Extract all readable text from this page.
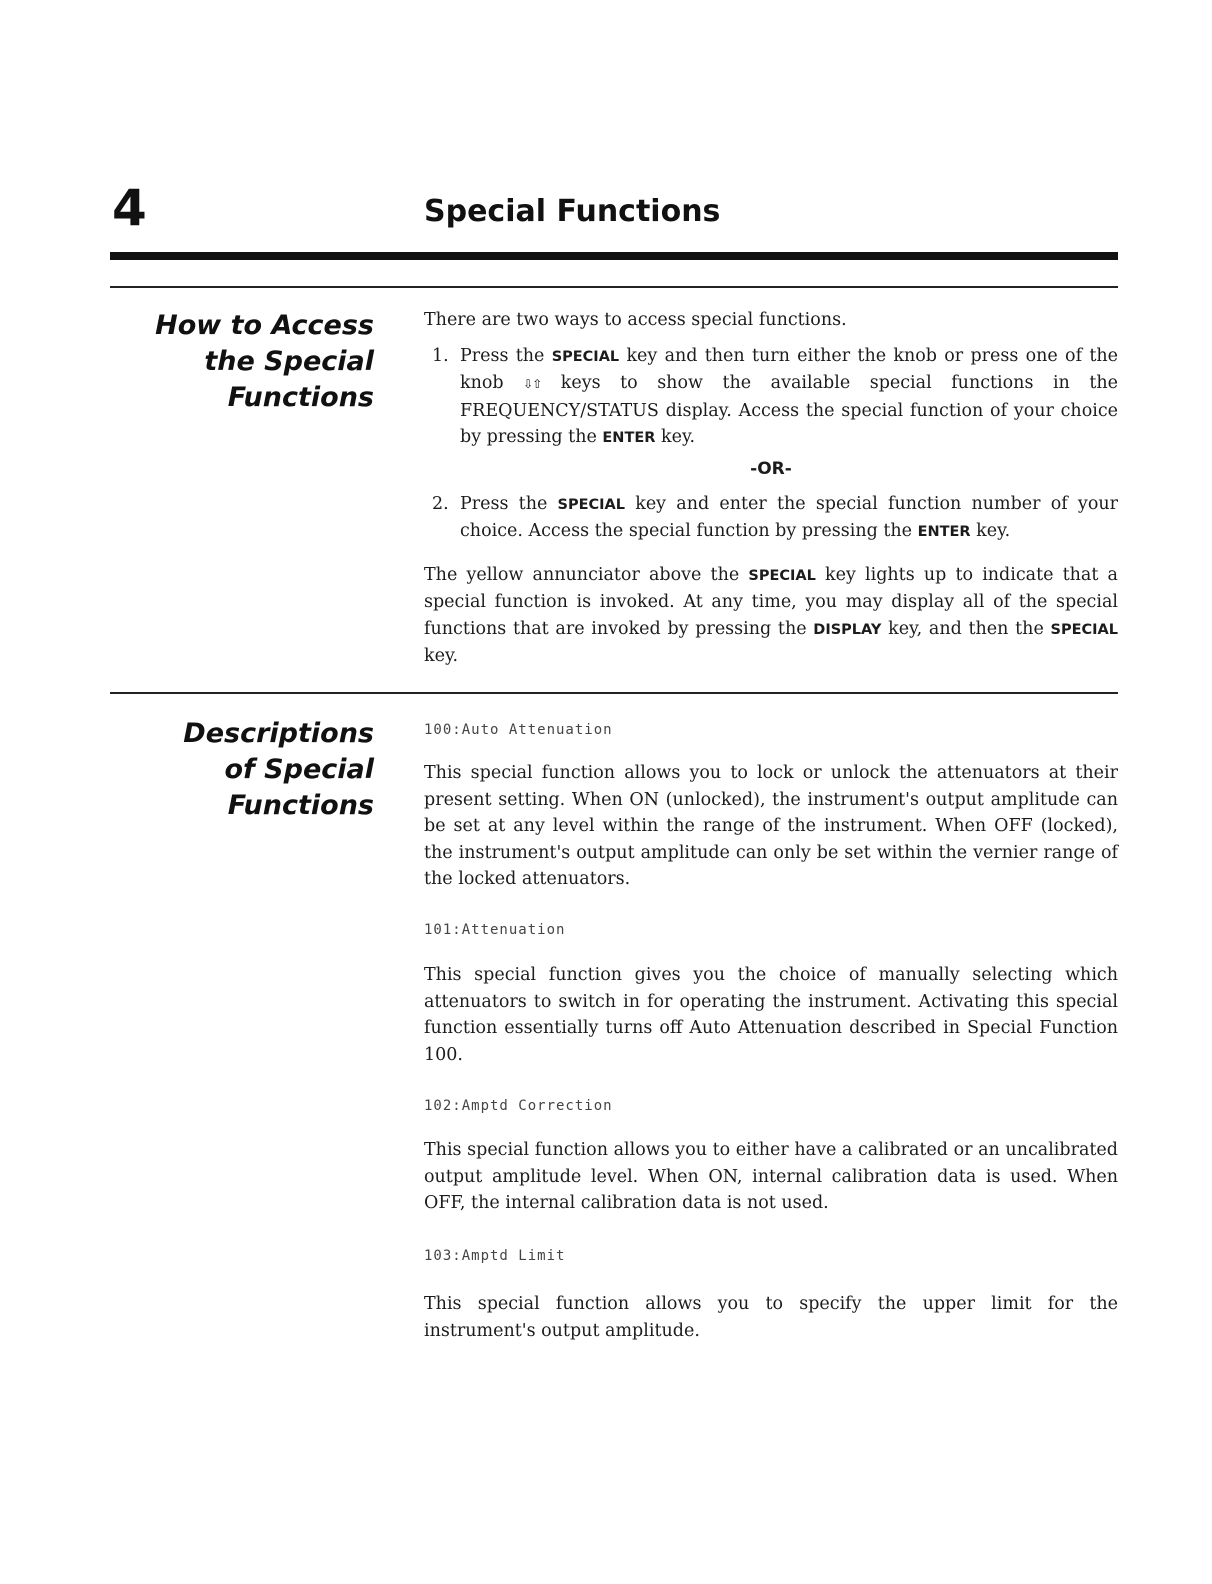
4	Special Functions
How to Access
the Special
Functions

There are two ways to access special functions.

1. Press the SPECIAL key and then turn either the knob or press one of the knob ⇩⇧ keys to show the available special functions in the FREQUENCY/STATUS display. Access the special function of your choice by pressing the ENTER key.
-OR-
2. Press the SPECIAL key and enter the special function number of your choice. Access the special function by pressing the ENTER key.

The yellow annunciator above the SPECIAL key lights up to indicate that a special function is invoked. At any time, you may display all of the special functions that are invoked by pressing the DISPLAY key, and then the SPECIAL key.

Descriptions
of Special
Functions
100:Auto Attenuation

This special function allows you to lock or unlock the attenuators at their present setting. When ON (unlocked), the instrument's output amplitude can be set at any level within the range of the instrument. When OFF (locked), the instrument's output amplitude can only be set within the vernier range of the locked attenuators.

101:Attenuation

This special function gives you the choice of manually selecting which attenuators to switch in for operating the instrument. Activating this special function essentially turns off Auto Attenuation described in Special Function 100.

102:Amptd Correction

This special function allows you to either have a calibrated or an uncalibrated output amplitude level. When ON, internal calibration data is used. When OFF, the internal calibration data is not used.

103:Amptd Limit

This special function allows you to specify the upper limit for the instrument's output amplitude.
